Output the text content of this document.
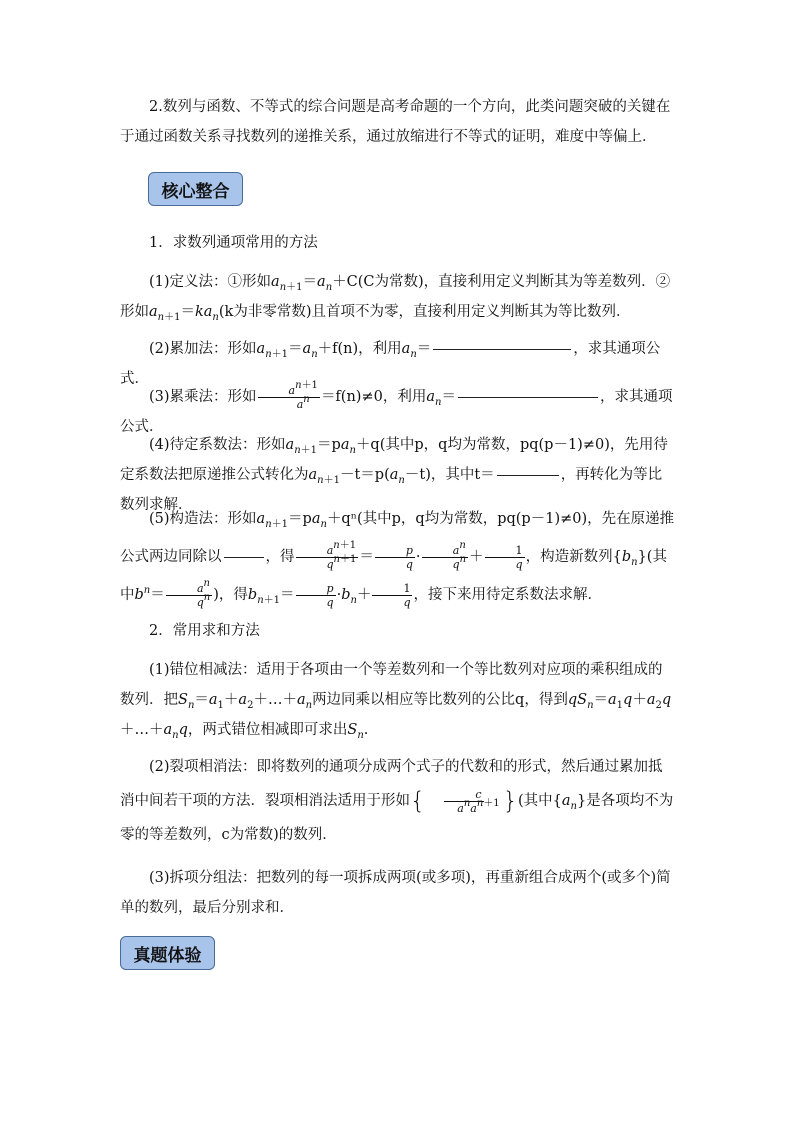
2.数列与函数、不等式的综合问题是高考命题的一个方向，此类问题突破的关键在于通过函数关系寻找数列的递推关系，通过放缩进行不等式的证明，难度中等偏上．

核心整合

1．求数列通项常用的方法

(1)定义法：①形如$a_{n+1}=a_n+C(C$为常数)，直接利用定义判断其为等差数列．②形如$a_{n+1}=ka_n(k$为非零常数)且首项不为零，直接利用定义判断其为等比数列．

(2)累加法：形如$a_{n+1}=a_n+f(n)$，利用$a_n=$	，求其通项公式．

(3)累乘法：形如 $\frac{a^{n+1}}{a^n} =f(n)\ne 0$，利用$a_n=$	，求其通项公式．

(4)待定系数法：形如$a_{n+1}=pa_n+q$(其中p，q均为常数，pq(p－1)≠0)，先用待定系数法把原递推公式转化为$a_{n+1}-t=p(a_n-t)$，其中t＝	，再转化为等比数列求解．

(5)构造法：形如$a_{n+1}=pa_n+q^n$(其中p，q均为常数，pq(p－1)≠0)，先在原递推公式两边同除以	，得 $\frac{a^{n+1}}{q^{n+1}} = \frac{p}{q} \cdot \frac{a^n}{q^n} + \frac{1}{q}$ ，构造新数列$\{b_n\}$(其中$b^n= \frac{a^n}{q^n}$ )，得$b_{n+1}= \frac{p}{q} \cdot b_n+ \frac{1}{q}$ ，接下来用待定系数法求解．

2．常用求和方法

(1)错位相减法：适用于各项由一个等差数列和一个等比数列对应项的乘积组成的数列．把$S_n=a_1+a_2+\dots+a_n$两边同乘以相应等比数列的公比q，得到$qS_n=a_1q+a_2q+\dots+a_nq$，两式错位相减即可求出$S_n$.

(2)裂项相消法：即将数列的通项分成两个式子的代数和的形式，然后通过累加抵消中间若干项的方法．裂项相消法适用于形如{ $\frac{c}{a^na^{n+1}}$ }(其中$\{a_n\}$是各项均不为零的等差数列，c为常数)的数列．

(3)拆项分组法：把数列的每一项拆成两项(或多项)，再重新组合成两个(或多个)简单的数列，最后分别求和．

真题体验
